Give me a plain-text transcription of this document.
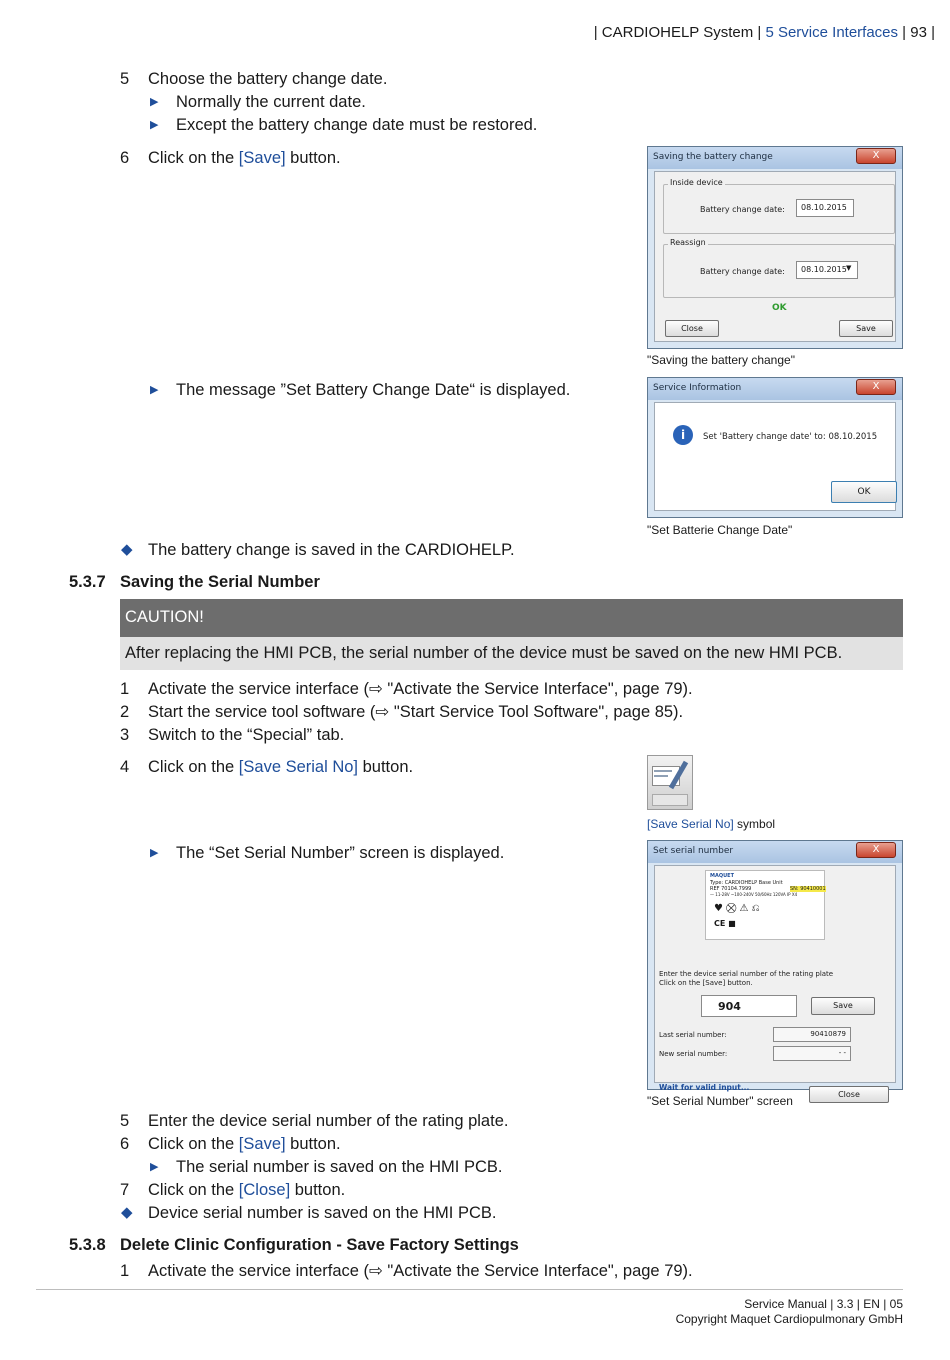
| CARDIOHELP System | 5 Service Interfaces | 93 |
5 Choose the battery change date.
▶ Normally the current date.
▶ Except the battery change date must be restored.
6 Click on the [Save] button.	Saving the battery change	X
Inside device
Battery change date:	08.10.2015
Reassign
Battery change date:	08.10.2015 ▼
OK
Close	Save
"Saving the battery change"
▶ The message ”Set Battery Change Date“ is displayed.	Service Information	X
i	Set 'Battery change date' to: 08.10.2015
OK
"Set Batterie Change Date"
◆ The battery change is saved in the CARDIOHELP.
5.3.7 Saving the Serial Number
CAUTION!
After replacing the HMI PCB, the serial number of the device must be saved on the new HMI PCB.
1 Activate the service interface (⇨ "Activate the Service Interface", page 79).
2 Start the service tool software (⇨ "Start Service Tool Software", page 85).
3 Switch to the “Special” tab.
4 Click on the [Save Serial No] button.
[Save Serial No] symbol
▶ The “Set Serial Number” screen is displayed.	Set serial number	X
MAQUET
Type: CARDIOHELP Base Unit
REF 70104.7999	SN: 90410001
— 11-28V ~100-240V 50/60Hz 120VA IP X4
♥ ⛒ ⚠ ⎌
CE ■
Enter the device serial number of the rating plate
Click on the [Save] button.
904	Save
Last serial number:	90410879
New serial number:	- -
Wait for valid input...
Close
"Set Serial Number" screen
5 Enter the device serial number of the rating plate.
6 Click on the [Save] button.
▶ The serial number is saved on the HMI PCB.
7 Click on the [Close] button.
◆ Device serial number is saved on the HMI PCB.
5.3.8 Delete Clinic Configuration - Save Factory Settings
1 Activate the service interface (⇨ "Activate the Service Interface", page 79).
Service Manual | 3.3 | EN | 05
Copyright Maquet Cardiopulmonary GmbH
